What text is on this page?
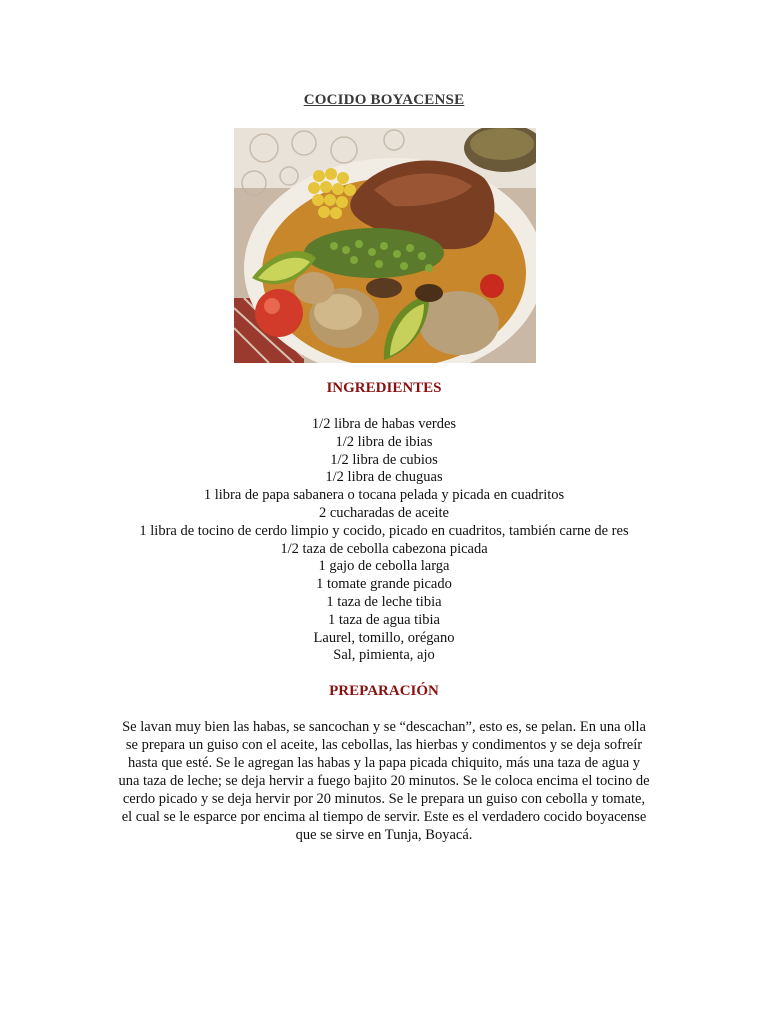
COCIDO BOYACENSE
INGREDIENTES
1/2 libra de habas verdes
1/2 libra de ibias
1/2 libra de cubios
1/2 libra de chuguas
1 libra de papa sabanera o tocana pelada y picada en cuadritos
2 cucharadas de aceite
1 libra de tocino de cerdo limpio y cocido, picado en cuadritos, también carne de res
1/2 taza de cebolla cabezona picada
1 gajo de cebolla larga
1 tomate grande picado
1 taza de leche tibia
1 taza de agua tibia
Laurel, tomillo, orégano
Sal, pimienta, ajo
PREPARACIÓN

Se lavan muy bien las habas, se sancochan y se “descachan”, esto es, se pelan. En una olla
se prepara un guiso con el aceite, las cebollas, las hierbas y condimentos y se deja sofreír
hasta que esté. Se le agregan las habas y la papa picada chiquito, más una taza de agua y
una taza de leche; se deja hervir a fuego bajito 20 minutos. Se le coloca encima el tocino de
cerdo picado y se deja hervir por 20 minutos. Se le prepara un guiso con cebolla y tomate,
el cual se le esparce por encima al tiempo de servir. Este es el verdadero cocido boyacense
que se sirve en Tunja, Boyacá.
